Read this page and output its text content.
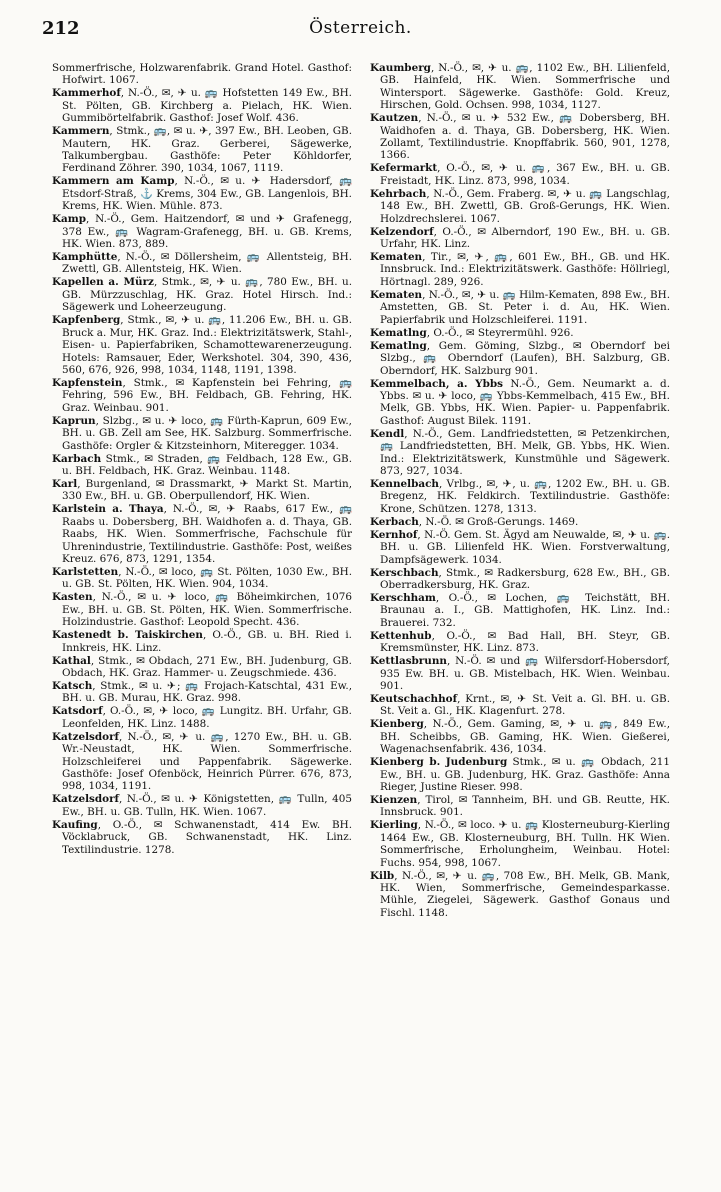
212	Österreich.

Sommerfrische, Holzwarenfabrik. Grand Hotel. Gasthof: Hofwirt. 1067.

Kammerhof, N.-Ö., ✉, ✈ u. 🚌 Hofstetten 149 Ew., BH. St. Pölten, GB. Kirchberg a. Pielach, HK. Wien. Gummibörtelfabrik. Gasthof: Josef Wolf. 436.

Kammern, Stmk., 🚌, ✉ u. ✈, 397 Ew., BH. Leoben, GB. Mautern, HK. Graz. Gerberei, Sägewerke, Talkumbergbau. Gasthöfe: Peter Köhldorfer, Ferdinand Zöhrer. 390, 1034, 1067, 1119.

Kammern am Kamp, N.-Ö., ✉ u. ✈ Hadersdorf, 🚌 Etsdorf-Straß, ⚓ Krems, 304 Ew., GB. Langenlois, BH. Krems, HK. Wien. Mühle. 873.

Kamp, N.-Ö., Gem. Haitzendorf, ✉ und ✈ Grafenegg, 378 Ew., 🚌 Wagram-Grafenegg, BH. u. GB. Krems, HK. Wien. 873, 889.

Kamphütte, N.-Ö., ✉ Döllersheim, 🚌 Allentsteig, BH. Zwettl, GB. Allentsteig, HK. Wien.

Kapellen a. Mürz, Stmk., ✉, ✈ u. 🚌, 780 Ew., BH. u. GB. Mürzzuschlag, HK. Graz. Hotel Hirsch. Ind.: Sägewerk und Loheerzeugung.

Kapfenberg, Stmk., ✉, ✈ u. 🚌, 11.206 Ew., BH. u. GB. Bruck a. Mur, HK. Graz. Ind.: Elektrizitätswerk, Stahl-, Eisen- u. Papierfabriken, Schamottewarenerzeugung. Hotels: Ramsauer, Eder, Werkshotel. 304, 390, 436, 560, 676, 926, 998, 1034, 1148, 1191, 1398.

Kapfenstein, Stmk., ✉ Kapfenstein bei Fehring, 🚌 Fehring, 596 Ew., BH. Feldbach, GB. Fehring, HK. Graz. Weinbau. 901.

Kaprun, Slzbg., ✉ u. ✈ loco, 🚌 Fürth-Kaprun, 609 Ew., BH. u. GB. Zell am See, HK. Salzburg. Sommerfrische. Gasthöfe: Orgler & Kitzsteinhorn, Miteregger. 1034.

Karbach Stmk., ✉ Straden, 🚌 Feldbach, 128 Ew., GB. u. BH. Feldbach, HK. Graz. Weinbau. 1148.

Karl, Burgenland, ✉ Drassmarkt, ✈ Markt St. Martin, 330 Ew., BH. u. GB. Oberpullendorf, HK. Wien.

Karlstein a. Thaya, N.-Ö., ✉, ✈ Raabs, 617 Ew., 🚌 Raabs u. Dobersberg, BH. Waidhofen a. d. Thaya, GB. Raabs, HK. Wien. Sommerfrische, Fachschule für Uhrenindustrie, Textilindustrie. Gasthöfe: Post, weißes Kreuz. 676, 873, 1291, 1354.

Karlstetten, N.-Ö., ✉ loco, 🚌 St. Pölten, 1030 Ew., BH. u. GB. St. Pölten, HK. Wien. 904, 1034.

Kasten, N.-Ö., ✉ u. ✈ loco, 🚌 Böheimkirchen, 1076 Ew., BH. u. GB. St. Pölten, HK. Wien. Sommerfrische. Holzindustrie. Gasthof: Leopold Specht. 436.

Kastenedt b. Taiskirchen, O.-Ö., GB. u. BH. Ried i. Innkreis, HK. Linz.

Kathal, Stmk., ✉ Obdach, 271 Ew., BH. Judenburg, GB. Obdach, HK. Graz. Hammer- u. Zeugschmiede. 436.

Katsch, Stmk., ✉ u. ✈; 🚌 Frojach-Katschtal, 431 Ew., BH. u. GB. Murau, HK. Graz. 998.

Katsdorf, O.-Ö., ✉, ✈ loco, 🚌 Lungitz. BH. Urfahr, GB. Leonfelden, HK. Linz. 1488.

Katzelsdorf, N.-Ö., ✉, ✈ u. 🚌, 1270 Ew., BH. u. GB. Wr.-Neustadt, HK. Wien. Sommerfrische. Holzschleiferei und Pappenfabrik. Sägewerke. Gasthöfe: Josef Ofenböck, Heinrich Pürrer. 676, 873, 998, 1034, 1191.

Katzelsdorf, N.-Ö., ✉ u. ✈ Königstetten, 🚌 Tulln, 405 Ew., BH. u. GB. Tulln, HK. Wien. 1067.

Kaufing, O.-Ö., ✉ Schwanenstadt, 414 Ew. BH. Vöcklabruck, GB. Schwanenstadt, HK. Linz. Textilindustrie. 1278.

Kaumberg, N.-Ö., ✉, ✈ u. 🚌, 1102 Ew., BH. Lilienfeld, GB. Hainfeld, HK. Wien. Sommerfrische und Wintersport. Sägewerke. Gasthöfe: Gold. Kreuz, Hirschen, Gold. Ochsen. 998, 1034, 1127.

Kautzen, N.-Ö., ✉ u. ✈ 532 Ew., 🚌 Dobersberg, BH. Waidhofen a. d. Thaya, GB. Dobersberg, HK. Wien. Zollamt, Textilindustrie. Knopffabrik. 560, 901, 1278, 1366.

Kefermarkt, O.-Ö., ✉, ✈ u. 🚌, 367 Ew., BH. u. GB. Freistadt, HK. Linz. 873, 998, 1034.

Kehrbach, N.-Ö., Gem. Fraberg. ✉, ✈ u. 🚌 Langschlag, 148 Ew., BH. Zwettl, GB. Groß-Gerungs, HK. Wien. Holzdrechslerei. 1067.

Kelzendorf, O.-Ö., ✉ Alberndorf, 190 Ew., BH. u. GB. Urfahr, HK. Linz.

Kematen, Tir., ✉, ✈, 🚌, 601 Ew., BH., GB. und HK. Innsbruck. Ind.: Elektrizitätswerk. Gasthöfe: Höllriegl, Hörtnagl. 289, 926.

Kematen, N.-Ö., ✉, ✈ u. 🚌 Hilm-Kematen, 898 Ew., BH. Amstetten, GB. St. Peter i. d. Au, HK. Wien. Papierfabrik und Holzschleiferei. 1191.

Kematlng, O.-Ö., ✉ Steyrermühl. 926.

Kematlng, Gem. Göming, Slzbg., ✉ Oberndorf bei Slzbg., 🚌 Oberndorf (Laufen), BH. Salzburg, GB. Oberndorf, HK. Salzburg 901.

Kemmelbach, a. Ybbs N.-Ö., Gem. Neumarkt a. d. Ybbs. ✉ u. ✈ loco, 🚌 Ybbs-Kemmelbach, 415 Ew., BH. Melk, GB. Ybbs, HK. Wien. Papier- u. Pappenfabrik. Gasthof: August Bilek. 1191.

Kendl, N.-Ö., Gem. Landfriedstetten, ✉ Petzenkirchen, 🚌 Landfriedstetten, BH. Melk, GB. Ybbs, HK. Wien. Ind.: Elektrizitätswerk, Kunstmühle und Sägewerk. 873, 927, 1034.

Kennelbach, Vrlbg., ✉, ✈, u. 🚌, 1202 Ew., BH. u. GB. Bregenz, HK. Feldkirch. Textilindustrie. Gasthöfe: Krone, Schützen. 1278, 1313.

Kerbach, N.-Ö. ✉ Groß-Gerungs. 1469.

Kernhof, N.-Ö. Gem. St. Ägyd am Neuwalde, ✉, ✈ u. 🚌. BH. u. GB. Lilienfeld HK. Wien. Forstverwaltung, Dampfsägewerk. 1034.

Kerschbach, Stmk., ✉ Radkersburg, 628 Ew., BH., GB. Oberradkersburg, HK. Graz.

Kerschham, O.-Ö., ✉ Lochen, 🚌 Teichstätt, BH. Braunau a. I., GB. Mattighofen, HK. Linz. Ind.: Brauerei. 732.

Kettenhub, O.-Ö., ✉ Bad Hall, BH. Steyr, GB. Kremsmünster, HK. Linz. 873.

Kettlasbrunn, N.-Ö. ✉ und 🚌 Wilfersdorf-Hobersdorf, 935 Ew. BH. u. GB. Mistelbach, HK. Wien. Weinbau. 901.

Keutschachhof, Krnt., ✉, ✈ St. Veit a. Gl. BH. u. GB. St. Veit a. Gl., HK. Klagenfurt. 278.

Kienberg, N.-Ö., Gem. Gaming, ✉, ✈ u. 🚌, 849 Ew., BH. Scheibbs, GB. Gaming, HK. Wien. Gießerei, Wagenachsenfabrik. 436, 1034.

Kienberg b. Judenburg Stmk., ✉ u. 🚌 Obdach, 211 Ew., BH. u. GB. Judenburg, HK. Graz. Gasthöfe: Anna Rieger, Justine Rieser. 998.

Kienzen, Tirol, ✉ Tannheim, BH. und GB. Reutte, HK. Innsbruck. 901.

Kierling, N.-Ö., ✉ loco. ✈ u. 🚌 Klosterneuburg-Kierling 1464 Ew., GB. Klosterneuburg, BH. Tulln. HK Wien. Sommerfrische, Erholungheim, Weinbau. Hotel: Fuchs. 954, 998, 1067.

Kilb, N.-Ö., ✉, ✈ u. 🚌, 708 Ew., BH. Melk, GB. Mank, HK. Wien, Sommerfrische, Gemeindesparkasse. Mühle, Ziegelei, Sägewerk. Gasthof Gonaus und Fischl. 1148.
